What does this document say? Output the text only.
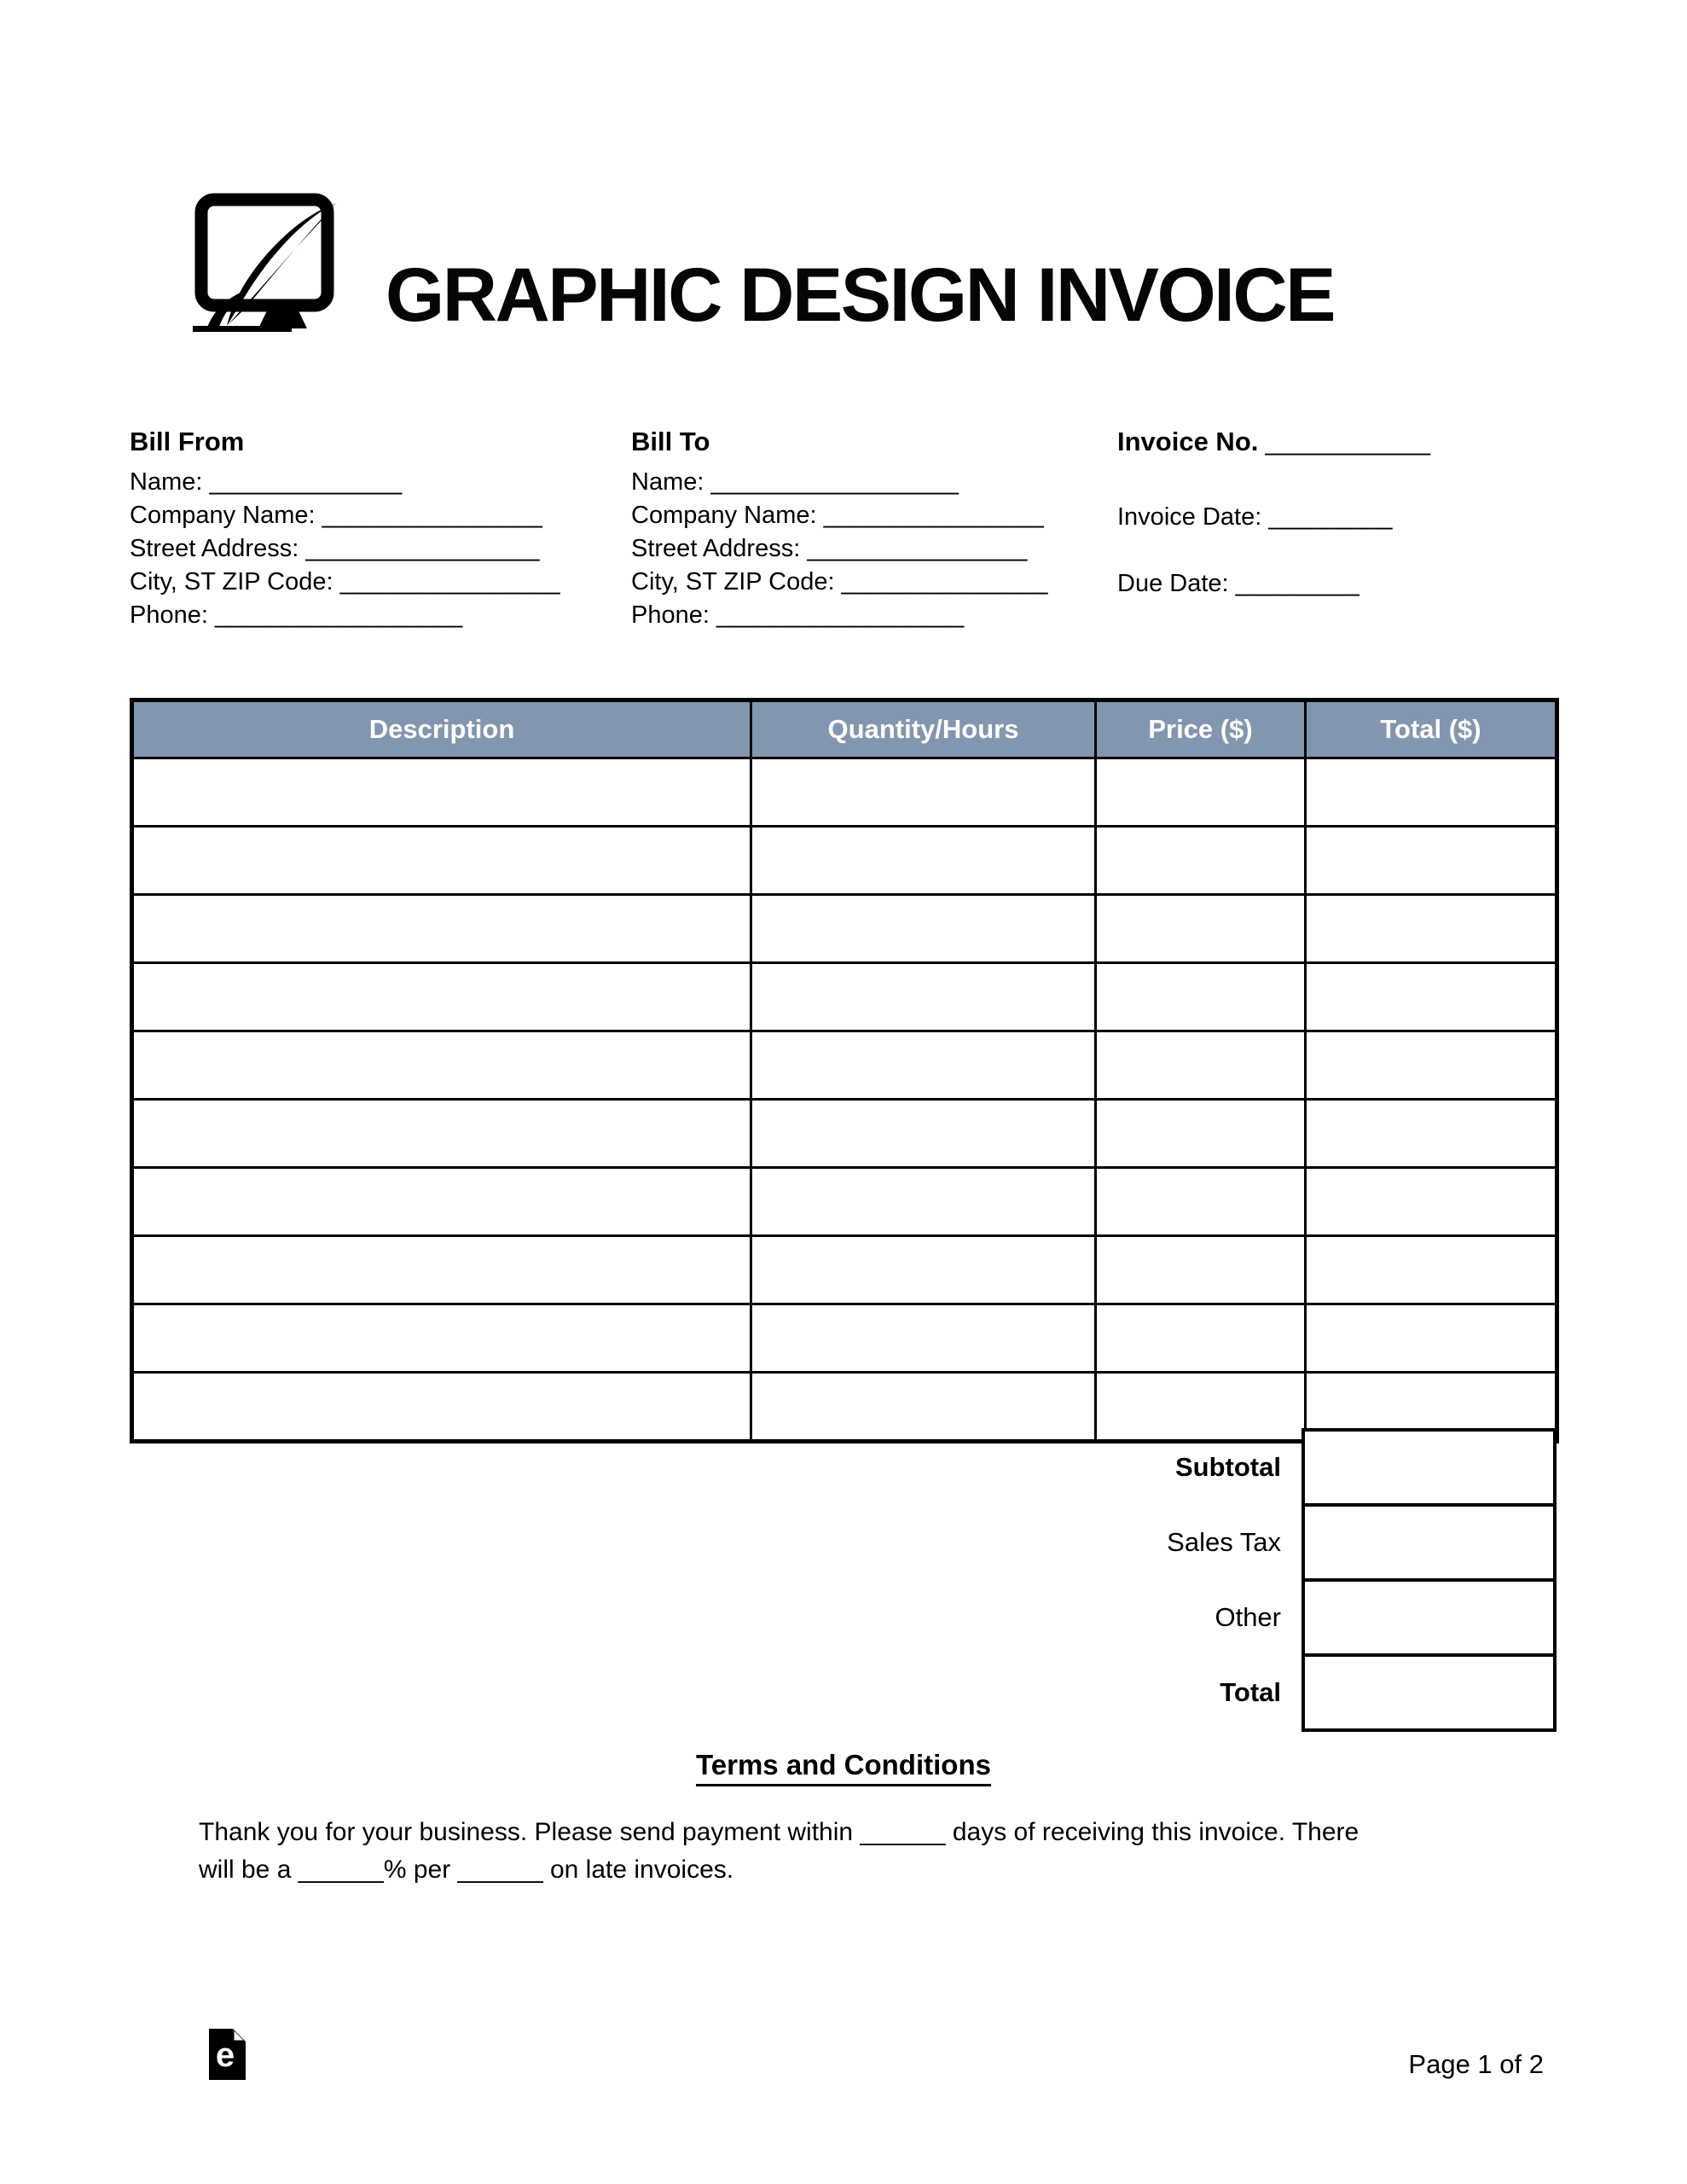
GRAPHIC DESIGN INVOICE
Bill From
Name: ______________
Company Name: ________________
Street Address: _________________
City, ST ZIP Code: ________________
Phone: __________________
Bill To
Name: __________________
Company Name: ________________
Street Address: ________________
City, ST ZIP Code: _______________
Phone: __________________
Invoice No. ____________
Invoice Date: _________
Due Date: _________
Description	Quantity/Hours	Price ($)	Total ($)

Subtotal	
Sales Tax	
Other	
Total	
Terms and Conditions
Thank you for your business. Please send payment within ______ days of receiving this invoice. There
will be a ______% per ______ on late invoices.
e	Page 1 of 2
